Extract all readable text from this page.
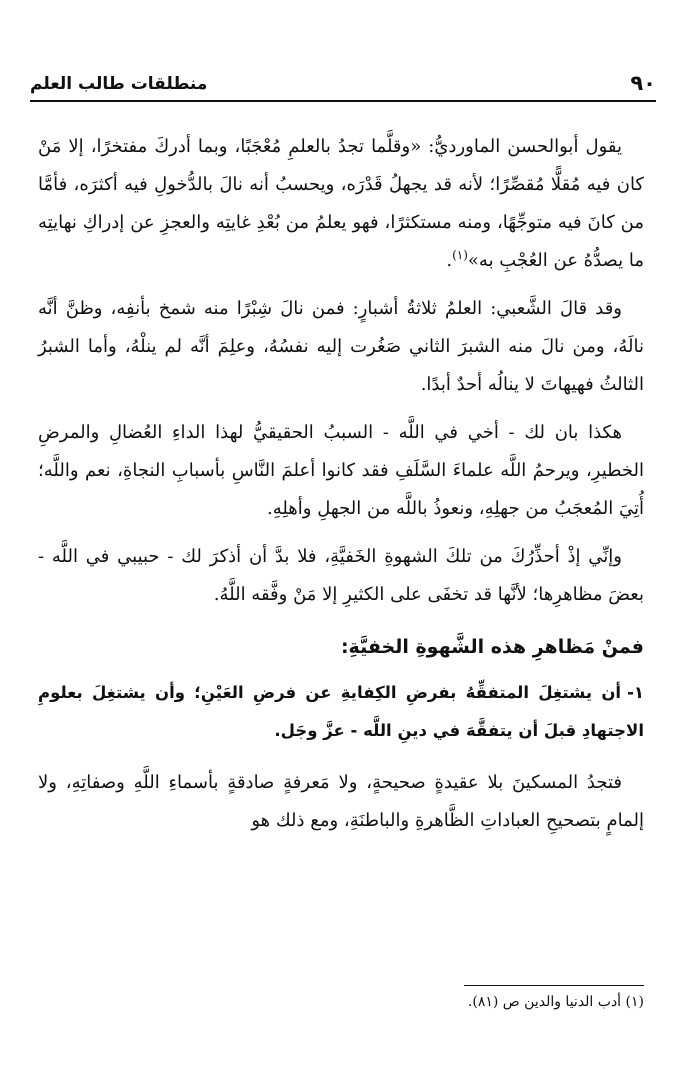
٩٠
منطلقات طالب العلم

يقول أبوالحسن الماورديُّ: «وقلَّما تجدُ بالعلمِ مُعْجَبًا، وبما أدركَ مفتخرًا، إلا مَنْ كان فيه مُقلًّا مُقصِّرًا؛ لأنه قد يجهلُ قَدْرَه، ويحسبُ أنه نالَ بالدُّخولِ فيه أكثرَه، فأمَّا من كانَ فيه متوجِّهًا، ومنه مستكثرًا، فهو يعلمُ من بُعْدِ غايتِه والعجزِ عن إدراكِ نهايتِه ما يصدُّهُ عن العُجْبِ به»$^{(١)}$.

وقد قالَ الشَّعبي: العلمُ ثلاثةُ أشبارٍ: فمن نالَ شِبْرًا منه شمخ بأنفِه، وظنَّ أنَّه نالَهُ، ومن نالَ منه الشبرَ الثاني صَغُرت إليه نفسُهُ، وعلِمَ أنَّه لم ينلْهُ، وأما الشبرُ الثالثُ فهيهاتَ لا ينالُه أحدٌ أبدًا.

هكذا بان لك - أخي في اللَّه - السببُ الحقيقيُّ لهذا الداءِ العُضالِ والمرضِ الخطيرِ، ويرحمُ اللَّه علماءَ السَّلَفِ فقد كانوا أعلمَ النَّاسِ بأسبابِ النجاةِ، نعم واللَّه؛ أُتِيَ المُعجَبُ من جهلِهِ، ونعوذُ باللَّه من الجهلِ وأهلِهِ.

وإنِّي إذْ أحذِّرُكَ من تلكَ الشهوةِ الخَفيَّةِ، فلا بدَّ أن أذكرَ لك - حبيبي في اللَّه - بعضَ مظاهرِها؛ لأنَّها قد تخفَى على الكثيرِ إلا مَنْ وفَّقه اللَّهُ.

فمنْ مَظاهرِ هذه الشَّهوةِ الخفيَّةِ:

١-أن يشتغِلَ المتفقِّهُ بفرضِ الكِفايةِ عن فرضِ العَيْنِ؛ وأن يشتغِلَ بعلومِ الاجتهادِ قبلَ أن يتفقَّهَ في دينِ اللَّه - عزَّ وجَل.

فتجدُ المسكينَ بلا عقيدةٍ صحيحةٍ، ولا مَعرفةٍ صادقةٍ بأسماءِ اللَّهِ وصفاتِهِ، ولا إلمامٍ بتصحيحِ العباداتِ الظَّاهرةِ والباطنَةِ، ومع ذلك هو

(١) أدب الدنيا والدين ص (٨١).
